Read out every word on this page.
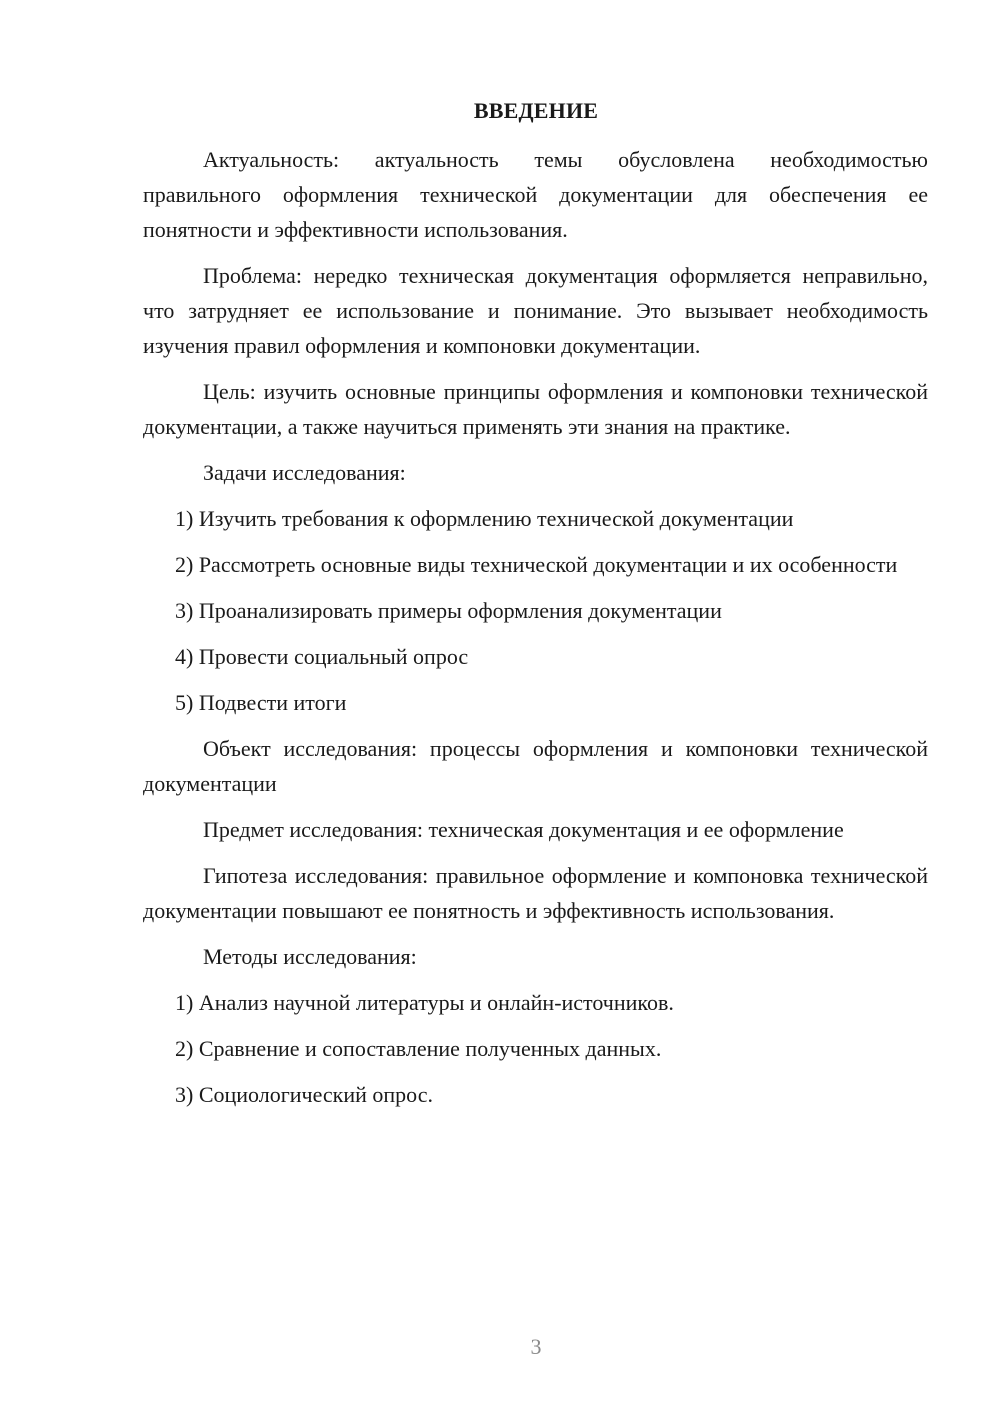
ВВЕДЕНИЕ
Актуальность: актуальность темы обусловлена необходимостью правильного оформления технической документации для обеспечения ее понятности и эффективности использования.
Проблема: нередко техническая документация оформляется неправильно, что затрудняет ее использование и понимание. Это вызывает необходимость изучения правил оформления и компоновки документации.
Цель: изучить основные принципы оформления и компоновки технической документации, а также научиться применять эти знания на практике.
Задачи исследования:
1) Изучить требования к оформлению технической документации
2) Рассмотреть основные виды технической документации и их особенности
3) Проанализировать примеры оформления документации
4) Провести социальный опрос
5) Подвести итоги
Объект исследования: процессы оформления и компоновки технической документации
Предмет исследования: техническая документация и ее оформление
Гипотеза исследования: правильное оформление и компоновка технической документации повышают ее понятность и эффективность использования.
Методы исследования:
1) Анализ научной литературы и онлайн-источников.
2) Сравнение и сопоставление полученных данных.
3) Социологический опрос.
3
